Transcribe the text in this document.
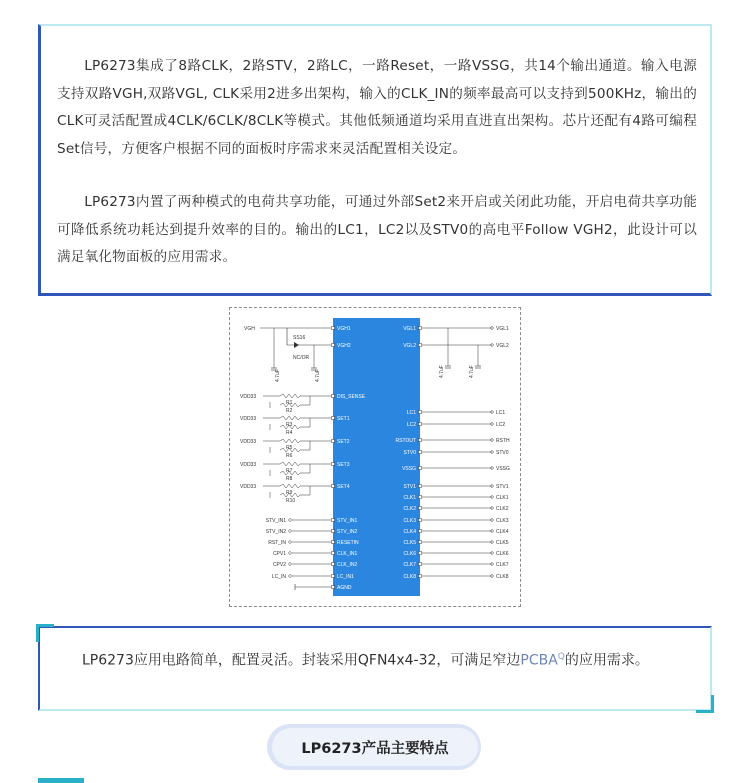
LP6273集成了8路CLK，2路STV，2路LC，一路Reset，一路VSSG，共14个输出通道。输入电源支持双路VGH,双路VGL, CLK采用2进多出架构，输入的CLK_IN的频率最高可以支持到500KHz，输出的CLK可灵活配置成4CLK/6CLK/8CLK等模式。其他低频通道均采用直进直出架构。芯片还配有4路可编程Set信号，方便客户根据不同的面板时序需求来灵活配置相关设定。

LP6273内置了两种模式的电荷共享功能，可通过外部Set2来开启或关闭此功能，开启电荷共享功能可降低系统功耗达到提升效率的目的。输出的LC1，LC2以及STV0的高电平Follow VGH2，此设计可以满足氧化物面板的应用需求。

VGH1
VGH2
DIS_SENSE
SET1
SET2
SET3
SET4
STV_IN1
STV_IN2
RESETIN
CLK_IN1
CLK_IN2
LC_IN1
AGND
VGL1	VGL1
VGL2	VGL2
LC1	LC1
LC2	LC2
RSTOUT	RSTH
STV0	STV0
VSSG	VSSG
STV1	STV1
CLK1	CLK1
CLK2	CLK2
CLK3	CLK3
CLK4	CLK4
CLK5	CLK5
CLK6	CLK6
CLK7	CLK7
CLK8	CLK8
4.7uF	4.7uF
VGH
SS16
NC/OR
4.7uF	4.7uF
VDD33
R1
R2
VDD33
R3
R4
VDD33
R5
R6
VDD33
R7
R8
VDD33
R9
R10
STV_IN1
STV_IN2
RST_IN
CPV1
CPV2
LC_IN

LP6273应用电路简单，配置灵活。封装采用QFN4x4-32，可满足窄边$PCBA^Q$的应用需求。

LP6273产品主要特点
